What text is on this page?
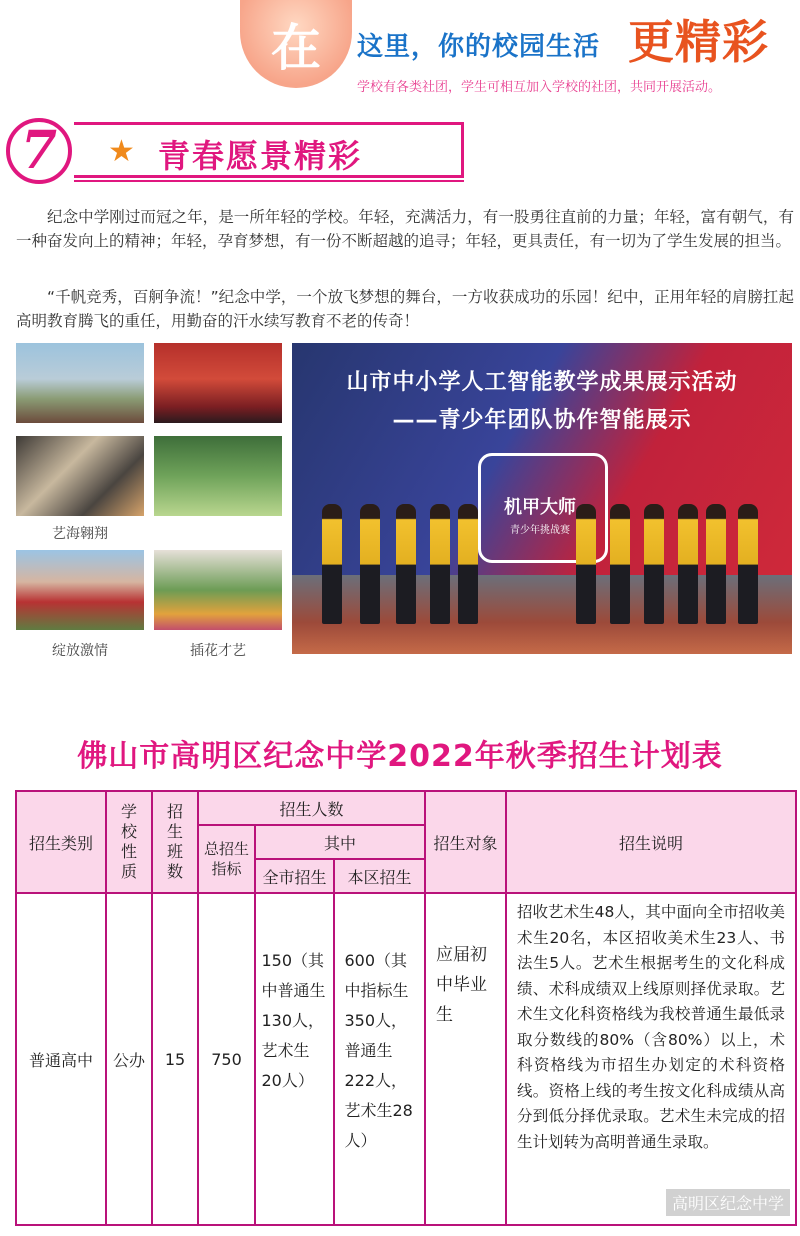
在	这里，你的校园生活 更精彩
学校有各类社团，学生可相互加入学校的社团，共同开展活动。
7	★ 青春愿景精彩
纪念中学刚过而冠之年，是一所年轻的学校。年轻，充满活力，有一股勇往直前的力量；年轻，富有朝气，有一种奋发向上的精神；年轻，孕育梦想，有一份不断超越的追寻；年轻，更具责任，有一切为了学生发展的担当。
“千帆竞秀，百舸争流！”纪念中学，一个放飞梦想的舞台，一方收获成功的乐园！纪中，正用年轻的肩膀扛起高明教育腾飞的重任，用勤奋的汗水续写教育不老的传奇！
艺海翱翔
绽放激情	插花才艺
山市中小学人工智能教学成果展示活动
——青少年团队协作智能展示
机甲大师
青少年挑战赛
佛山市高明区纪念中学2022年秋季招生计划表
招生类别	学校性质	招生班数	招生人数			招生对象	招生说明

			总招生指标	其中			
				全市招生	本区招生		
普通高中	公办	15	750	150（其中普通生130人，艺术生20人）	600（其中指标生350人，普通生222人，艺术生28人）	应届初中毕业生	招收艺术生48人，其中面向全市招收美术生20名，本区招收美术生23人、书法生5人。艺术生根据考生的文化科成绩、术科成绩双上线原则择优录取。艺术生文化科资格线为我校普通生最低录取分数线的80%（含80%）以上，术科资格线为市招生办划定的术科资格线。资格上线的考生按文化科成绩从高分到低分择优录取。艺术生未完成的招生计划转为高明普通生录取。
高明区纪念中学
